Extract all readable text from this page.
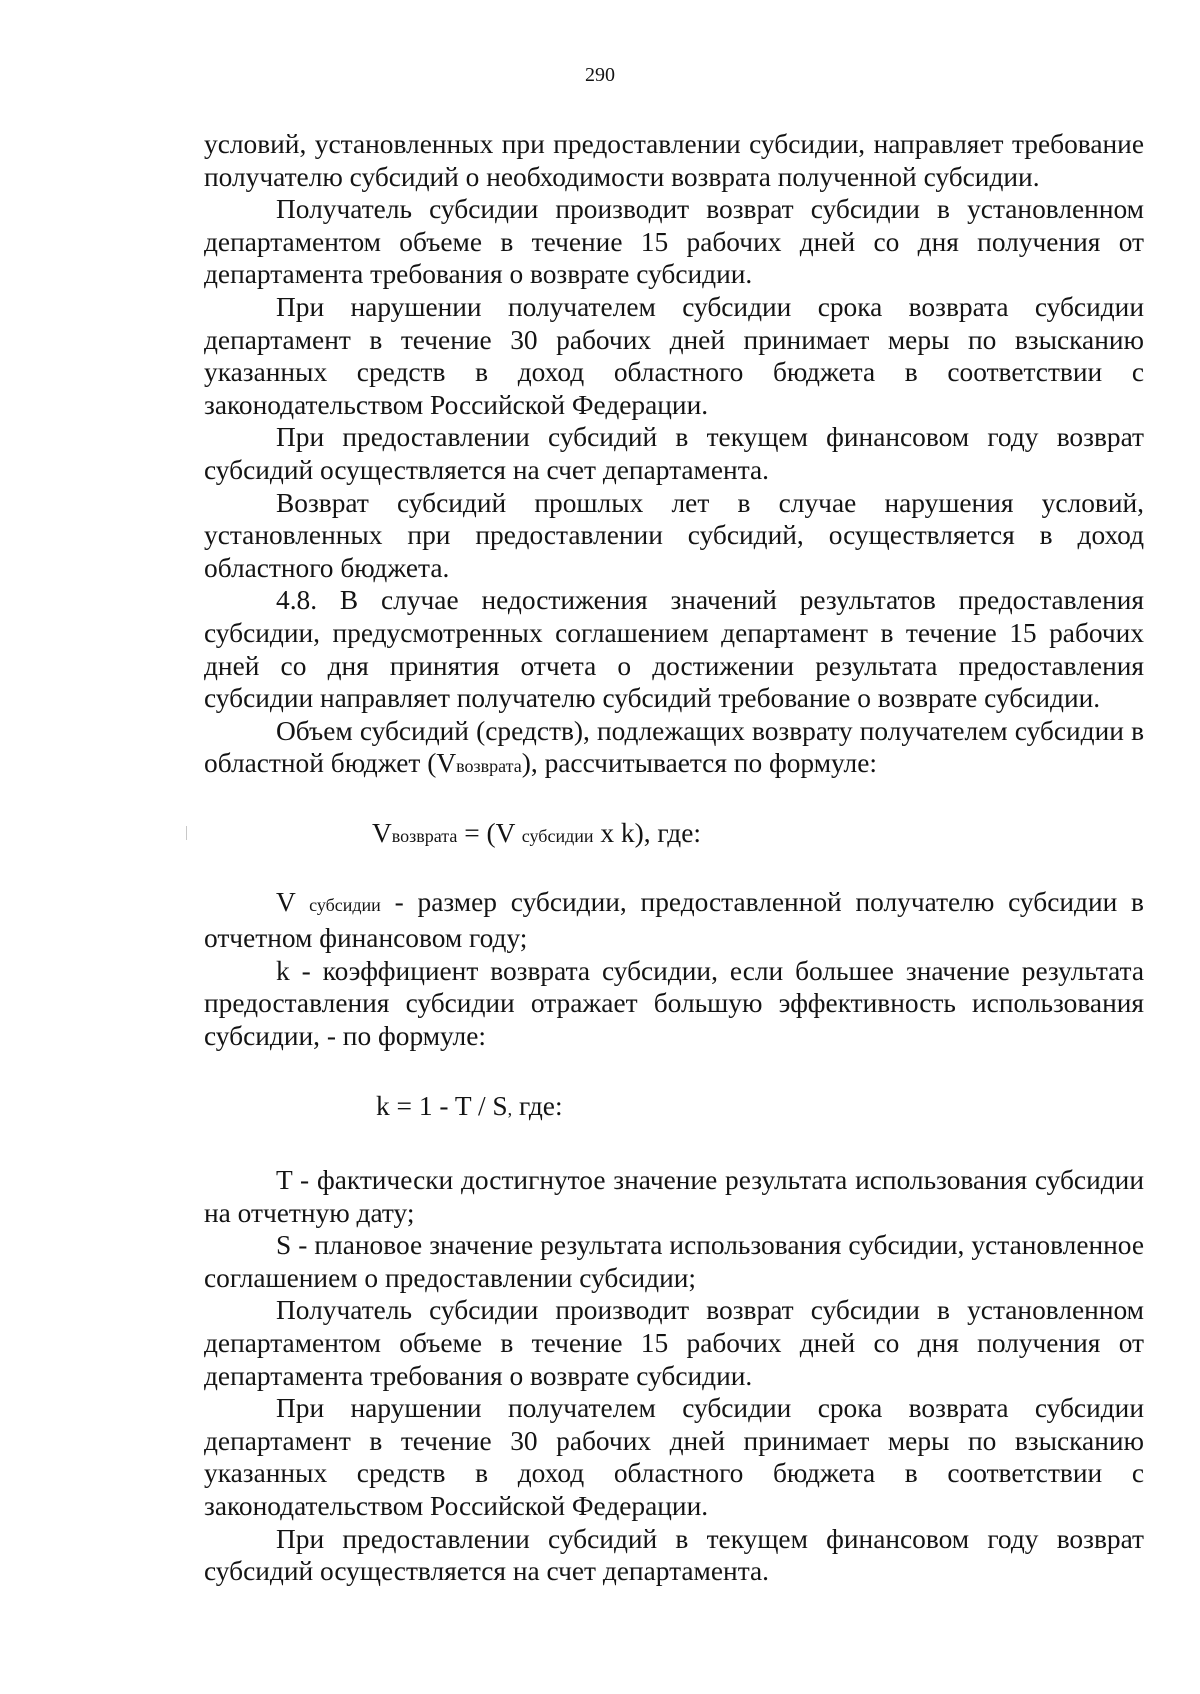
290

условий, установленных при предоставлении субсидии, направляет требование получателю субсидий о необходимости возврата полученной субсидии.

Получатель субсидии производит возврат субсидии в установленном департаментом объеме в течение 15 рабочих дней со дня получения от департамента требования о возврате субсидии.

При нарушении получателем субсидии срока возврата субсидии департамент в течение 30 рабочих дней принимает меры по взысканию указанных средств в доход областного бюджета в соответствии с законодательством Российской Федерации.

При предоставлении субсидий в текущем финансовом году возврат субсидий осуществляется на счет департамента.

Возврат субсидий прошлых лет в случае нарушения условий, установленных при предоставлении субсидий, осуществляется в доход областного бюджета.

4.8. В случае недостижения значений результатов предоставления субсидии, предусмотренных соглашением департамент в течение 15 рабочих дней со дня принятия отчета о достижении результата предоставления субсидии направляет получателю субсидий требование о возврате субсидии.

Объем субсидий (средств), подлежащих возврату получателем субсидии в областной бюджет (Vвозврата), рассчитывается по формуле:

Vвозврата = (V субсидии x k), где:

V субсидии - размер субсидии, предоставленной получателю субсидии в отчетном финансовом году;

k - коэффициент возврата субсидии, если большее значение результата предоставления субсидии отражает большую эффективность использования субсидии, - по формуле:

k = 1 - T / S, где:

T - фактически достигнутое значение результата использования субсидии на отчетную дату;

S - плановое значение результата использования субсидии, установленное соглашением о предоставлении субсидии;

Получатель субсидии производит возврат субсидии в установленном департаментом объеме в течение 15 рабочих дней со дня получения от департамента требования о возврате субсидии.

При нарушении получателем субсидии срока возврата субсидии департамент в течение 30 рабочих дней принимает меры по взысканию указанных средств в доход областного бюджета в соответствии с законодательством Российской Федерации.

При предоставлении субсидий в текущем финансовом году возврат субсидий осуществляется на счет департамента.
